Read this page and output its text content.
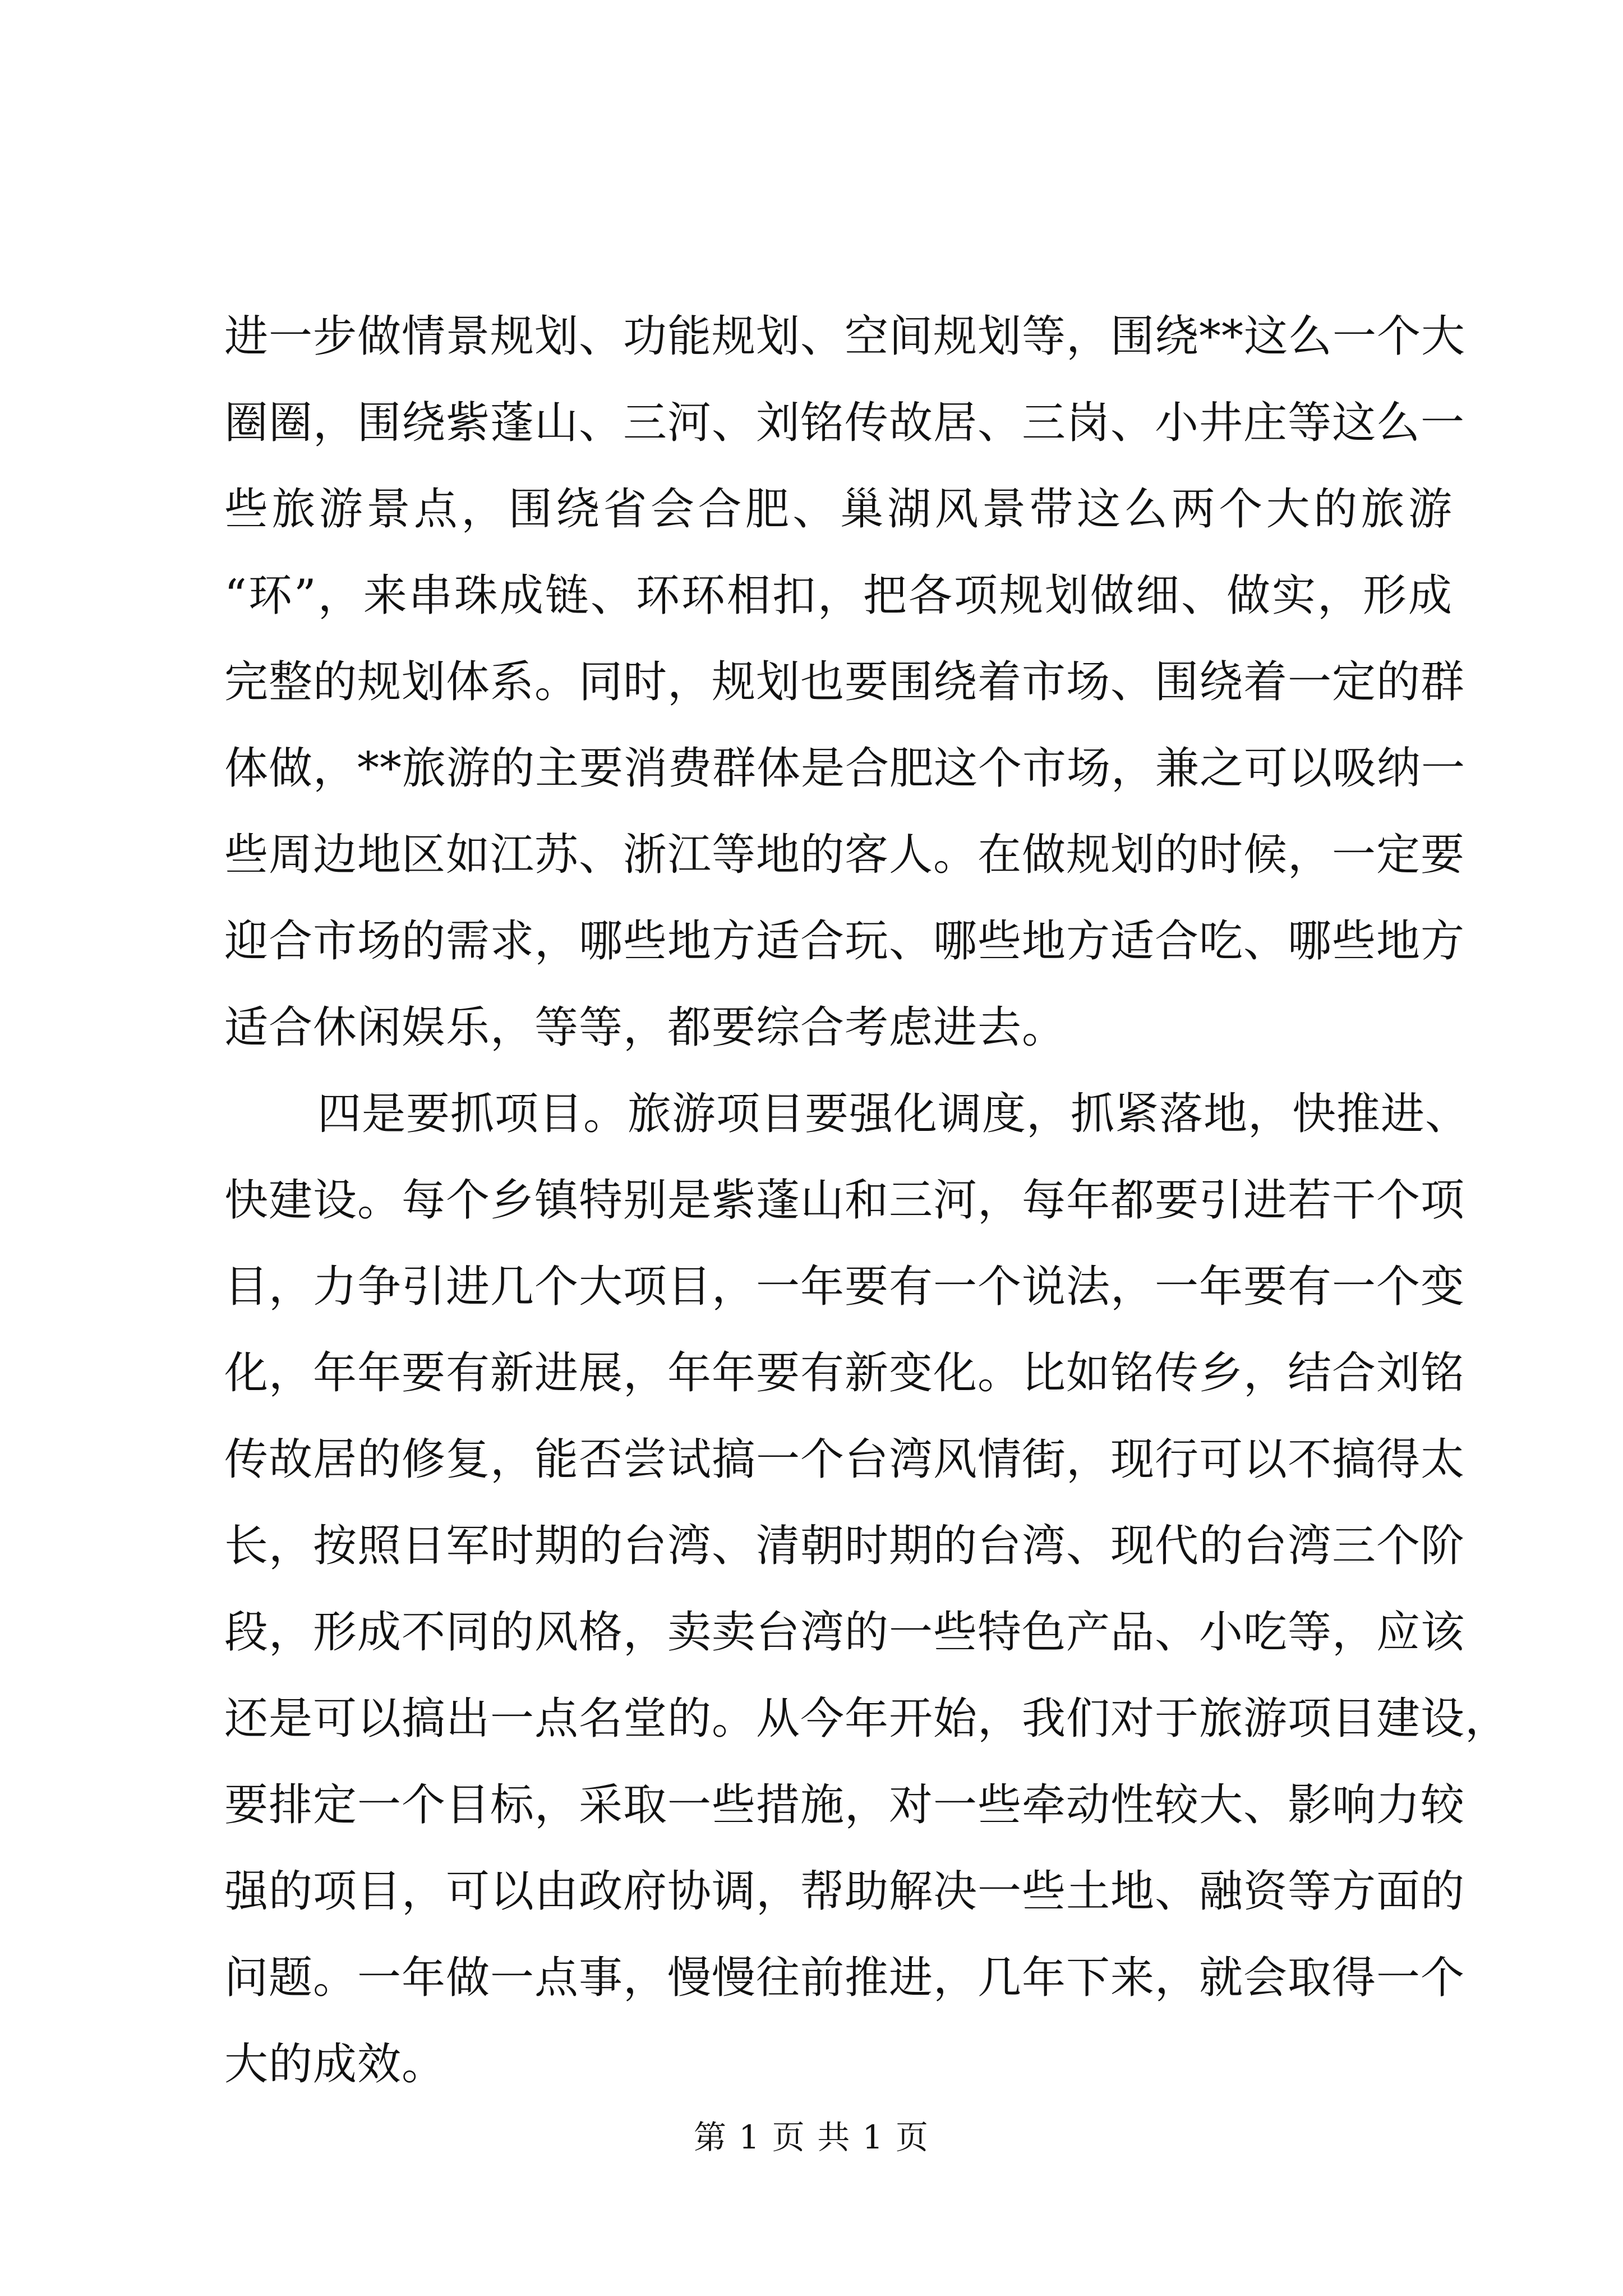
进一步做情景规划、功能规划、空间规划等，围绕**这么一个大
圈圈，围绕紫蓬山、三河、刘铭传故居、三岗、小井庄等这么一
些旅游景点，围绕省会合肥、巢湖风景带这么两个大的旅游
“环”，来串珠成链、环环相扣，把各项规划做细、做实，形成
完整的规划体系。同时，规划也要围绕着市场、围绕着一定的群
体做，**旅游的主要消费群体是合肥这个市场，兼之可以吸纳一
些周边地区如江苏、浙江等地的客人。在做规划的时候，一定要
迎合市场的需求，哪些地方适合玩、哪些地方适合吃、哪些地方
适合休闲娱乐，等等，都要综合考虑进去。
四是要抓项目。旅游项目要强化调度，抓紧落地，快推进、
快建设。每个乡镇特别是紫蓬山和三河，每年都要引进若干个项
目，力争引进几个大项目，一年要有一个说法，一年要有一个变
化，年年要有新进展，年年要有新变化。比如铭传乡，结合刘铭
传故居的修复，能否尝试搞一个台湾风情街，现行可以不搞得太
长，按照日军时期的台湾、清朝时期的台湾、现代的台湾三个阶
段，形成不同的风格，卖卖台湾的一些特色产品、小吃等，应该
还是可以搞出一点名堂的。从今年开始，我们对于旅游项目建设，
要排定一个目标，采取一些措施，对一些牵动性较大、影响力较
强的项目，可以由政府协调，帮助解决一些土地、融资等方面的
问题。一年做一点事，慢慢往前推进，几年下来，就会取得一个
大的成效。
第 1 页 共 1 页
